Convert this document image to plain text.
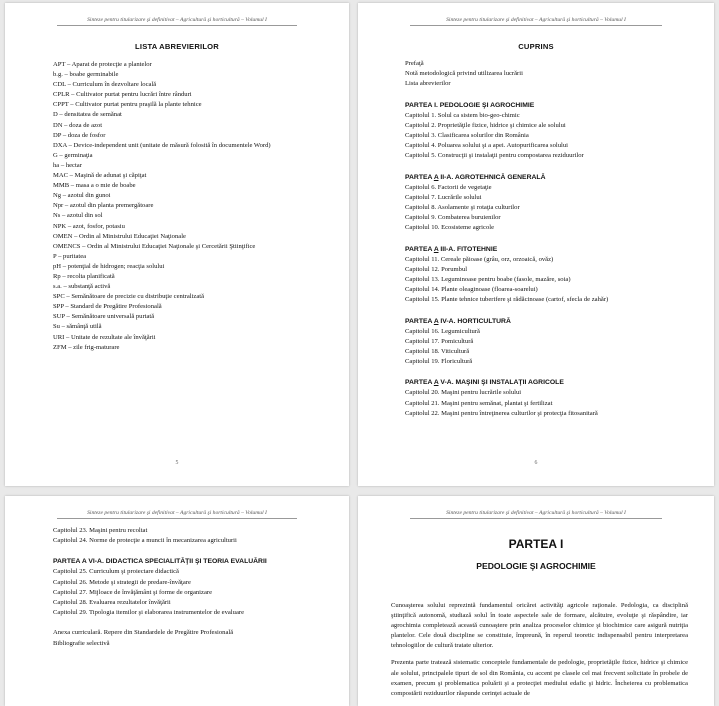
Sinteze pentru titularizare şi definitivat – Agricultură şi horticultură – Volumul I
LISTA ABREVIERILOR
APT – Aparat de protecţie a plantelor
b.g. – boabe germinabile
CDL – Curriculum în dezvoltare locală
CPLR – Cultivator purtat pentru lucrări între rânduri
CPPT – Cultivator purtat pentru praşilă la plante tehnice
D – densitatea de semănat
DN – doza de azot
DP – doza de fosfor
DXA – Device-independent unit (unitate de măsură folosită în documentele Word)
G – germinaţia
ha – hectar
MAC – Maşină de adunat şi căpiţat
MMB – masa a o mie de boabe
Ng – azotul din gunoi
Npr – azotul din planta premergătoare
Ns – azotul din sol
NPK – azot, fosfor, potasiu
OMEN – Ordin al Ministrului Educaţiei Naţionale
OMENCS – Ordin al Ministrului Educaţiei Naţionale şi Cercetării Ştiinţifice
P – puritatea
pH – potenţial de hidrogen; reacţia solului
Rp – recolta planificată
s.a. – substanţă activă
SPC – Semănătoare de precizie cu distribuţie centralizată
SPP – Standard de Pregătire Profesională
SUP – Semănătoare universală purtată
Su – sămânţă utilă
URI – Unitate de rezultate ale învăţării
ZFM – zile frig-maturare
5
Sinteze pentru titularizare şi definitivat – Agricultură şi horticultură – Volumul I
CUPRINS
Prefaţă
Notă metodologică privind utilizarea lucrării
Lista abrevierilor
PARTEA I. PEDOLOGIE ŞI AGROCHIMIE
Capitolul 1. Solul ca sistem bio-geo-chimic
Capitolul 2. Proprietăţile fizice, hidrice şi chimice ale solului
Capitolul 3. Clasificarea solurilor din România
Capitolul 4. Poluarea solului şi a apei. Autopurificarea solului
Capitolul 5. Construcţii şi instalaţii pentru compostarea reziduurilor
PARTEA A II-A. AGROTEHNICĂ GENERALĂ
Capitolul 6. Factorii de vegetaţie
Capitolul 7. Lucrările solului
Capitolul 8. Asolamente şi rotaţia culturilor
Capitolul 9. Combaterea buruienilor
Capitolul 10. Ecosisteme agricole
PARTEA A III-A. FITOTEHNIE
Capitolul 11. Cereale păioase (grâu, orz, orzoaică, ovăz)
Capitolul 12. Porumbul
Capitolul 13. Leguminoase pentru boabe (fasole, mazăre, soia)
Capitolul 14. Plante oleaginoase (floarea-soarelui)
Capitolul 15. Plante tehnice tuberifere şi rădăcinoase (cartof, sfecla de zahăr)
PARTEA A IV-A. HORTICULTURĂ
Capitolul 16. Legumicultură
Capitolul 17. Pomicultură
Capitolul 18. Viticultură
Capitolul 19. Floricultură
PARTEA A V-A. MAŞINI ŞI INSTALAŢII AGRICOLE
Capitolul 20. Maşini pentru lucrările solului
Capitolul 21. Maşini pentru semănat, plantat şi fertilizat
Capitolul 22. Maşini pentru întreţinerea culturilor şi protecţia fitosanitară
6
Sinteze pentru titularizare şi definitivat – Agricultură şi horticultură – Volumul I
Capitolul 23. Maşini pentru recoltat
Capitolul 24. Norme de protecţie a muncii în mecanizarea agriculturii
PARTEA A VI-A. DIDACTICA SPECIALITĂŢII ŞI TEORIA EVALUĂRII
Capitolul 25. Curriculum şi proiectare didactică
Capitolul 26. Metode şi strategii de predare-învăţare
Capitolul 27. Mijloace de învăţământ şi forme de organizare
Capitolul 28. Evaluarea rezultatelor învăţării
Capitolul 29. Tipologia itemilor şi elaborarea instrumentelor de evaluare
Anexa curriculară. Repere din Standardele de Pregătire Profesională
Bibliografie selectivă
Sinteze pentru titularizare şi definitivat – Agricultură şi horticultură – Volumul I
PARTEA I
PEDOLOGIE ŞI AGROCHIMIE

Cunoaşterea solului reprezintă fundamentul oricărei activităţi agricole raţionale. Pedologia, ca disciplină ştiinţifică autonomă, studiază solul în toate aspectele sale de formare, alcătuire, evoluţie şi răspândire, iar agrochimia completează această cunoaştere prin analiza proceselor chimice şi biochimice care asigură nutriţia plantelor. Cele două discipline se constituie, împreună, în reperul teoretic indispensabil pentru interpretarea tehnologiilor de cultură tratate ulterior.

Prezenta parte tratează sistematic conceptele fundamentale de pedologie, proprietăţile fizice, hidrice şi chimice ale solului, principalele tipuri de sol din România, cu accent pe clasele cel mai frecvent solicitate în probele de examen, precum şi problematica poluării şi a protecţiei mediului edafic şi hidric. Încheierea cu problematica compostării reziduurilor răspunde cerinţei actuale de
